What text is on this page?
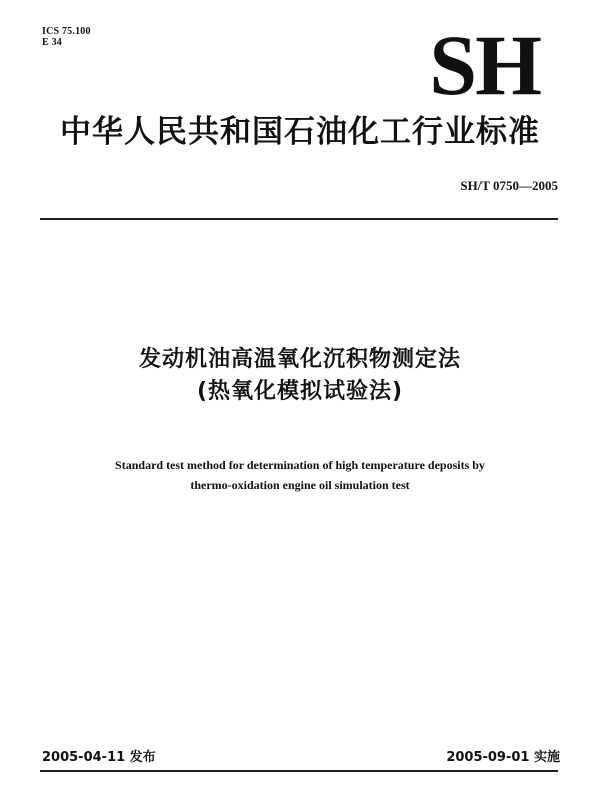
ICS 75.100
E 34	SH
中华人民共和国石油化工行业标准
SH/T 0750—2005
发动机油高温氧化沉积物测定法
(热氧化模拟试验法)
Standard test method for determination of high temperature deposits by
thermo-oxidation engine oil simulation test
2005-04-11 发布	2005-09-01 实施
